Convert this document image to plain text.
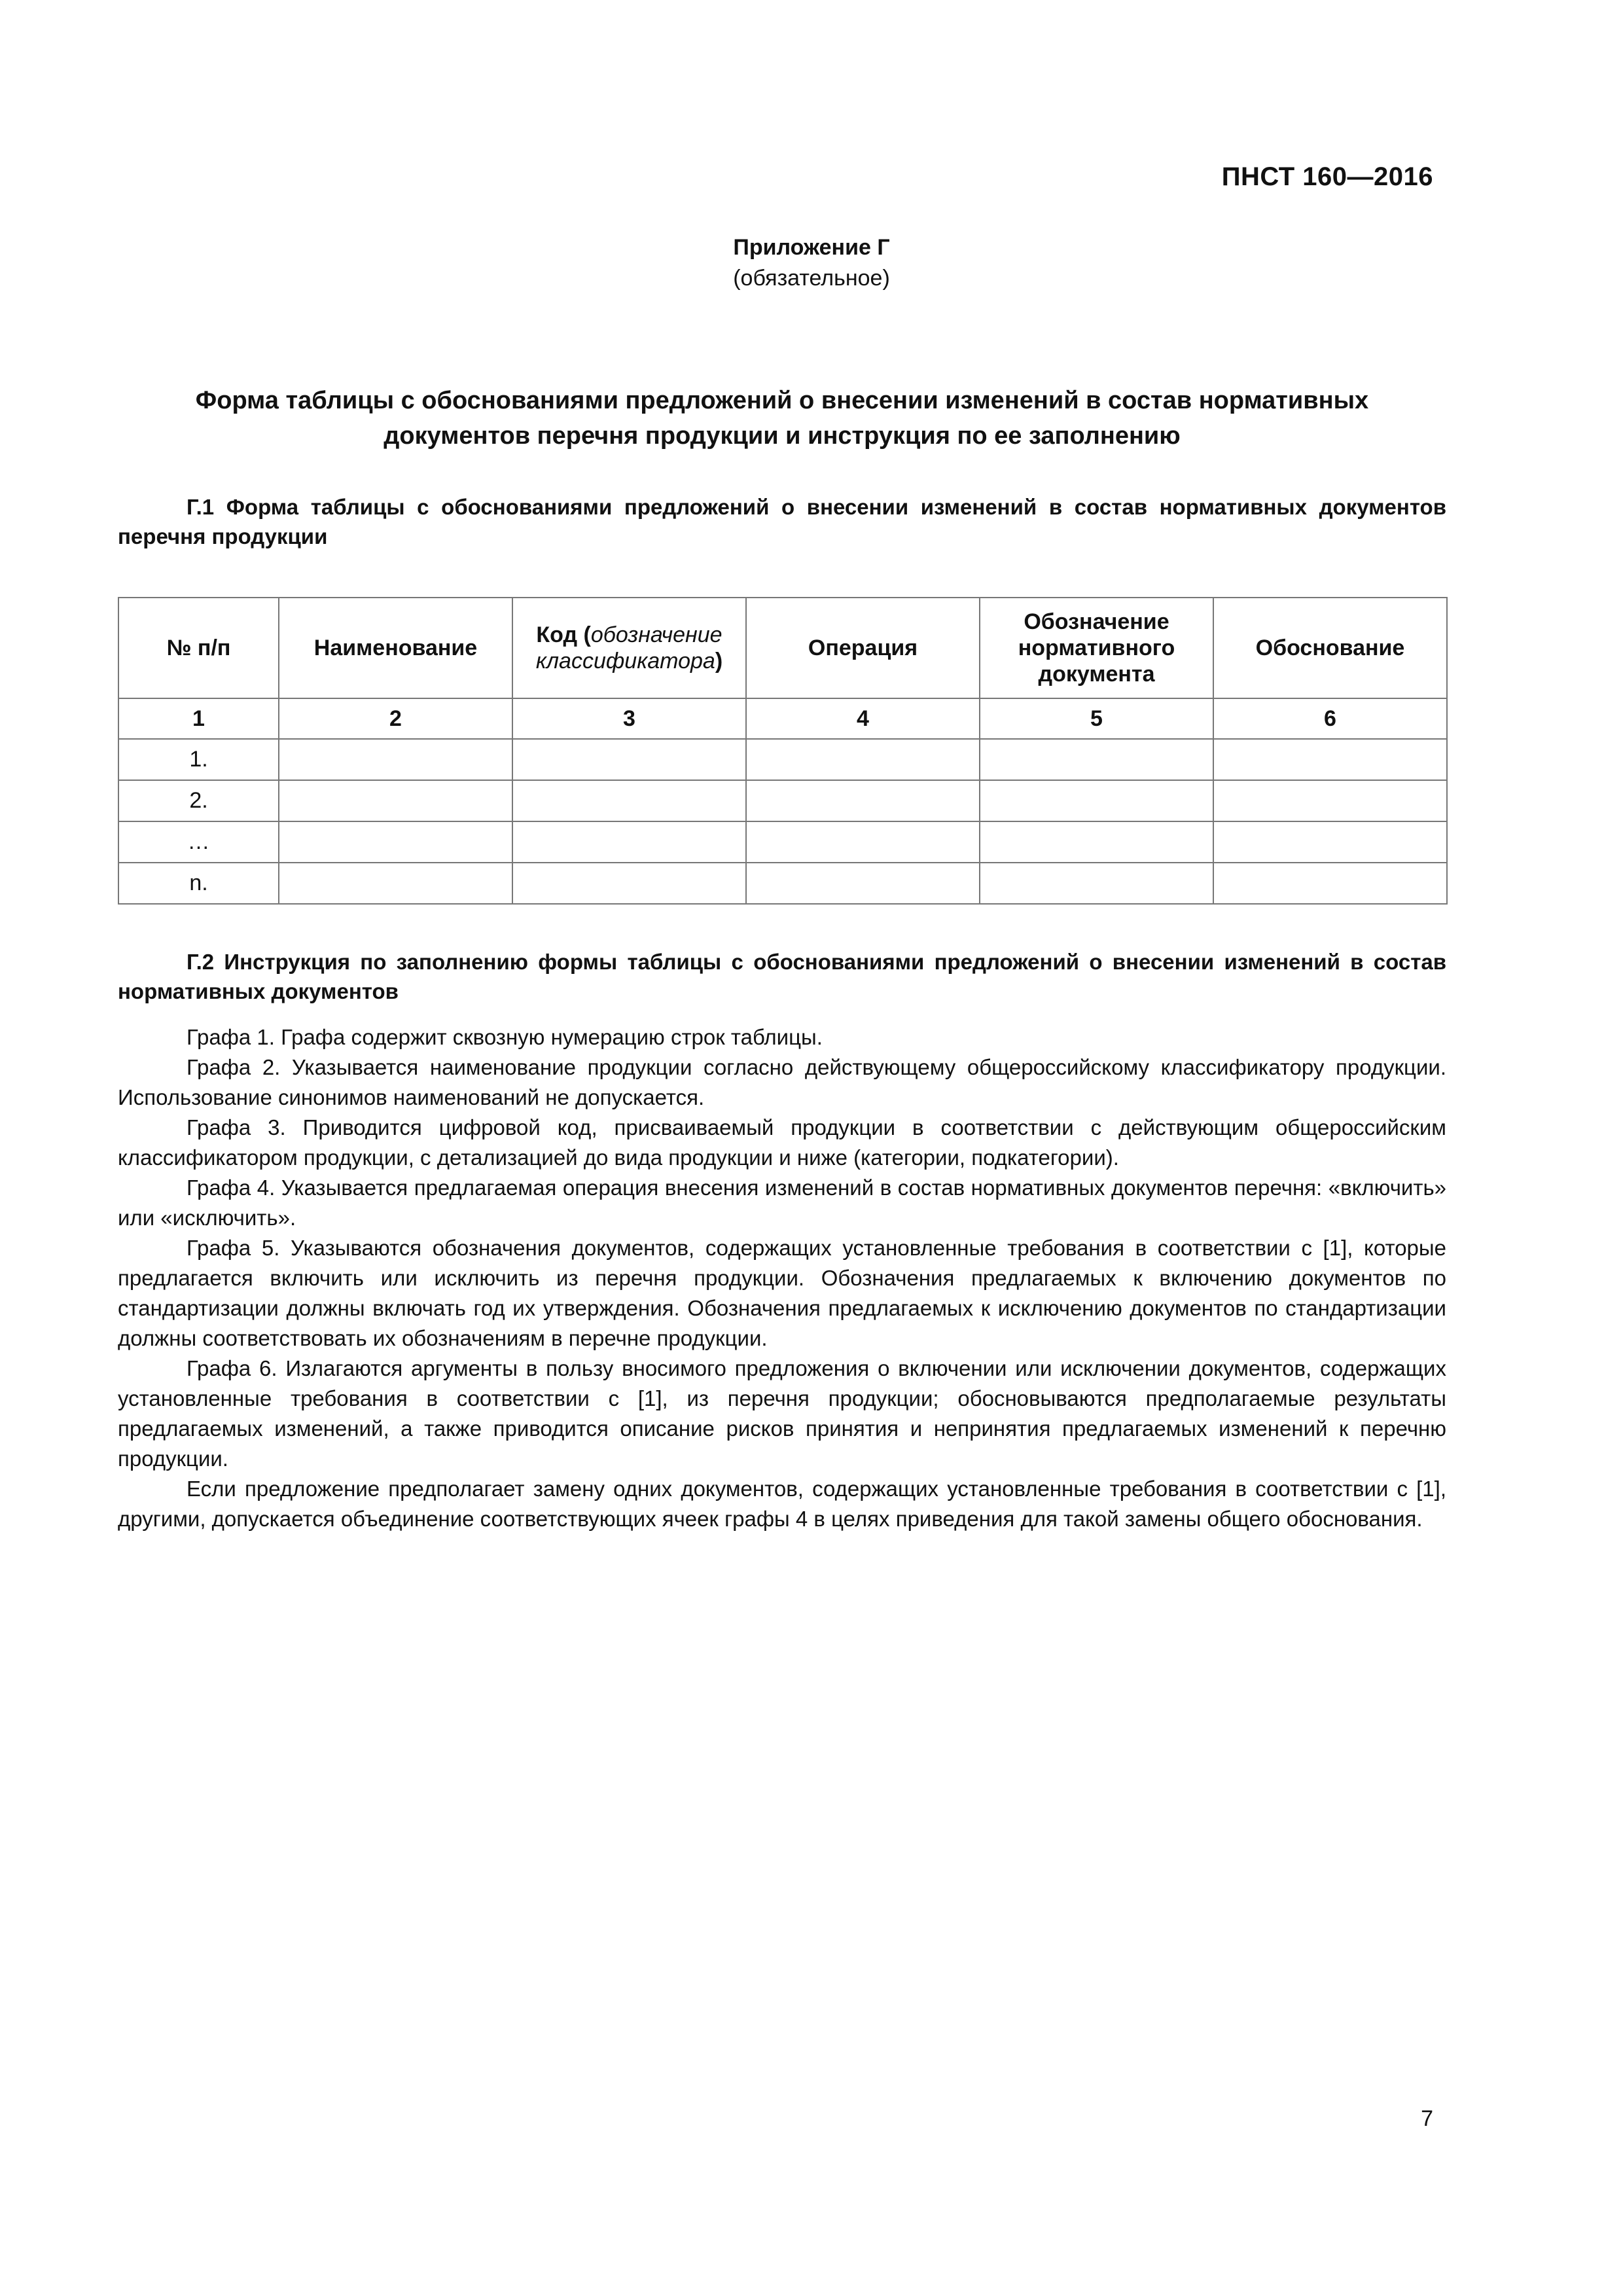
ПНСТ 160—2016
Приложение Г
(обязательное)
Форма таблицы с обоснованиями предложений о внесении изменений в состав нормативных
документов перечня продукции и инструкция по ее заполнению
Г.1 Форма таблицы с обоснованиями предложений о внесении изменений в состав нормативных документов перечня продукции
№ п/п	Наименование	Код (обозначение классификатора)	Операция	Обозначение нормативного документа	Обоснование
1	2	3	4	5	6
1.					
2.					
…					
n.					
Г.2 Инструкция по заполнению формы таблицы с обоснованиями предложений о внесении изменений в состав нормативных документов

Графа 1. Графа содержит сквозную нумерацию строк таблицы.

Графа 2. Указывается наименование продукции согласно действующему общероссийскому классификатору продукции. Использование синонимов наименований не допускается.

Графа 3. Приводится цифровой код, присваиваемый продукции в соответствии с действующим общероссийским классификатором продукции, с детализацией до вида продукции и ниже (категории, подкатегории).

Графа 4. Указывается предлагаемая операция внесения изменений в состав нормативных документов перечня: «включить» или «исключить».

Графа 5. Указываются обозначения документов, содержащих установленные требования в соответствии с [1], которые предлагается включить или исключить из перечня продукции. Обозначения предлагаемых к включению документов по стандартизации должны включать год их утверждения. Обозначения предлагаемых к исключению документов по стандартизации должны соответствовать их обозначениям в перечне продукции.

Графа 6. Излагаются аргументы в пользу вносимого предложения о включении или исключении документов, содержащих установленные требования в соответствии с [1], из перечня продукции; обосновываются предполагаемые результаты предлагаемых изменений, а также приводится описание рисков принятия и непринятия предлагаемых изменений к перечню продукции.

Если предложение предполагает замену одних документов, содержащих установленные требования в соответствии с [1], другими, допускается объединение соответствующих ячеек графы 4 в целях приведения для такой замены общего обоснования.

7
